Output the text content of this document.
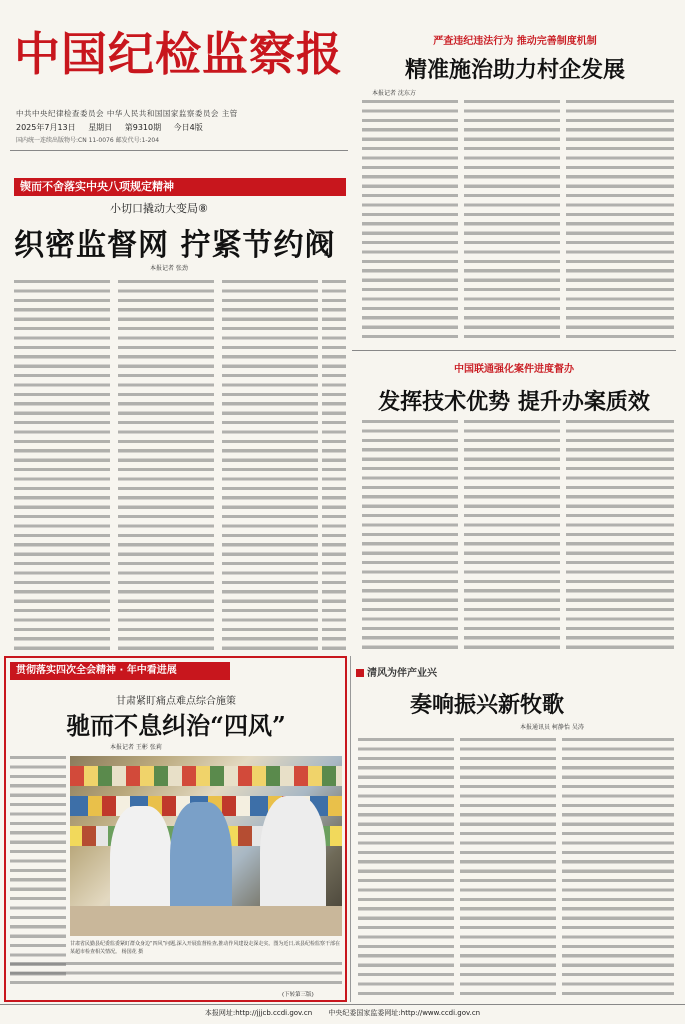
中国纪检监察报
中共中央纪律检查委员会 中华人民共和国国家监察委员会 主管
2025年7月13日 星期日 第9310期 今日4版
国内统一连续出版物号:CN 11-0076 邮发代号:1-204
严查违纪违法行为 推动完善制度机制
精准施治助力村企发展
本报记者 沈东方
锲而不舍落实中央八项规定精神
小切口撬动大变局⑧
织密监督网 拧紧节约阀
本报记者 张劲
中国联通强化案件进度督办
发挥技术优势 提升办案质效
贯彻落实四次全会精神 · 年中看进展
甘肃紧盯痛点难点综合施策
驰而不息纠治“四风”
本报记者 王彬 张莉
甘肃省民勤县纪委监委紧盯群众身边“四风”问题,深入开展监督检查,推动作风建设走深走实。图为近日,该县纪检监察干部在某超市检查相关情况。 杨国花 摄
(下转第三版)
清风为伴产业兴
奏响振兴新牧歌
本报通讯员 柯静怡 吴涛
本报网址:http://jjjcb.ccdi.gov.cn 中央纪委国家监委网址:http://www.ccdi.gov.cn
